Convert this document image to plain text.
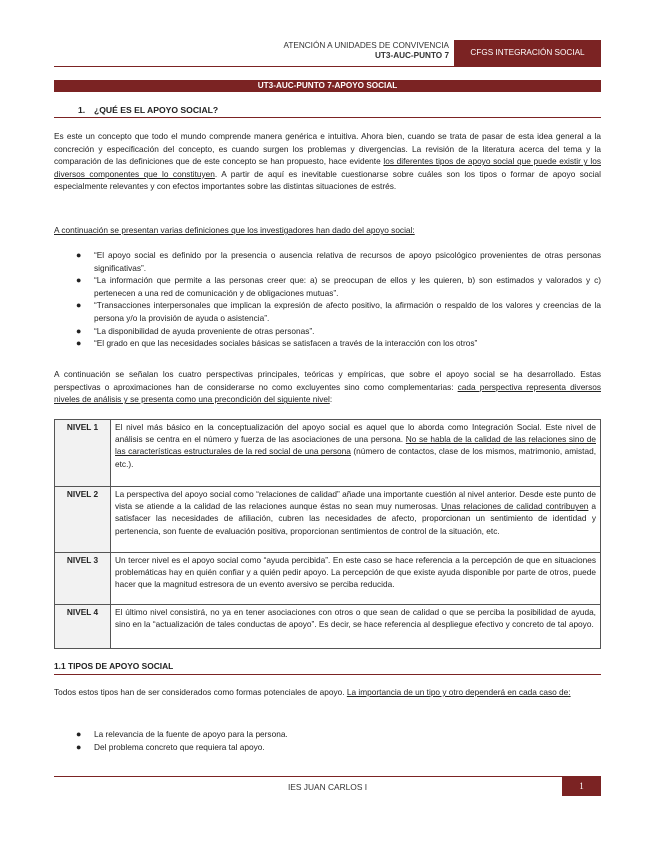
ATENCIÓN A UNIDADES DE CONVIVENCIA
UT3-AUC-PUNTO 7	CFGS INTEGRACIÓN SOCIAL
UT3-AUC-PUNTO 7-APOYO SOCIAL
1. ¿QUÉ ES EL APOYO SOCIAL?

Es este un concepto que todo el mundo comprende manera genérica e intuitiva. Ahora bien, cuando se trata de pasar de esta idea general a la concreción y especificación del concepto, es cuando surgen los problemas y divergencias. La revisión de la literatura acerca del tema y la comparación de las definiciones que de este concepto se han propuesto, hace evidente los diferentes tipos de apoyo social que puede existir y los diversos componentes que lo constituyen. A partir de aquí es inevitable cuestionarse sobre cuáles son los tipos o formar de apoyo social especialmente relevantes y con efectos importantes sobre las distintas situaciones de estrés.

A continuación se presentan varias definiciones que los investigadores han dado del apoyo social:

● “El apoyo social es definido por la presencia o ausencia relativa de recursos de apoyo psicológico provenientes de otras personas significativas”.
● “La información que permite a las personas creer que: a) se preocupan de ellos y les quieren, b) son estimados y valorados y c) pertenecen a una red de comunicación y de obligaciones mutuas”.
● “Transacciones interpersonales que implican la expresión de afecto positivo, la afirmación o respaldo de los valores y creencias de la persona y/o la provisión de ayuda o asistencia”.
● “La disponibilidad de ayuda proveniente de otras personas”.
● “El grado en que las necesidades sociales básicas se satisfacen a través de la interacción con los otros”

A continuación se señalan los cuatro perspectivas principales, teóricas y empíricas, que sobre el apoyo social se ha desarrollado. Estas perspectivas o aproximaciones han de considerarse no como excluyentes sino como complementarias: cada perspectiva representa diversos niveles de análisis y se presenta como una precondición del siguiente nivel:

NIVEL 1	El nivel más básico en la conceptualización del apoyo social es aquel que lo aborda como Integración Social. Este nivel de análisis se centra en el número y fuerza de las asociaciones de una persona. No se habla de la calidad de las relaciones sino de las características estructurales de la red social de una persona (número de contactos, clase de los mismos, matrimonio, amistad, etc.).
NIVEL 2	La perspectiva del apoyo social como “relaciones de calidad” añade una importante cuestión al nivel anterior. Desde este punto de vista se atiende a la calidad de las relaciones aunque éstas no sean muy numerosas. Unas relaciones de calidad contribuyen a satisfacer las necesidades de afiliación, cubren las necesidades de afecto, proporcionan un sentimiento de identidad y pertenencia, son fuente de evaluación positiva, proporcionan sentimientos de control de la situación, etc.
NIVEL 3	Un tercer nivel es el apoyo social como “ayuda percibida”. En este caso se hace referencia a la percepción de que en situaciones problemáticas hay en quién confiar y a quién pedir apoyo. La percepción de que existe ayuda disponible por parte de otros, puede hacer que la magnitud estresora de un evento aversivo se perciba reducida.
NIVEL 4	El último nivel consistirá, no ya en tener asociaciones con otros o que sean de calidad o que se perciba la posibilidad de ayuda, sino en la “actualización de tales conductas de apoyo”. Es decir, se hace referencia al despliegue efectivo y concreto de tal apoyo.
1.1 TIPOS DE APOYO SOCIAL

Todos estos tipos han de ser considerados como formas potenciales de apoyo. La importancia de un tipo y otro dependerá en cada caso de:

● La relevancia de la fuente de apoyo para la persona.
● Del problema concreto que requiera tal apoyo.
IES JUAN CARLOS I	1
